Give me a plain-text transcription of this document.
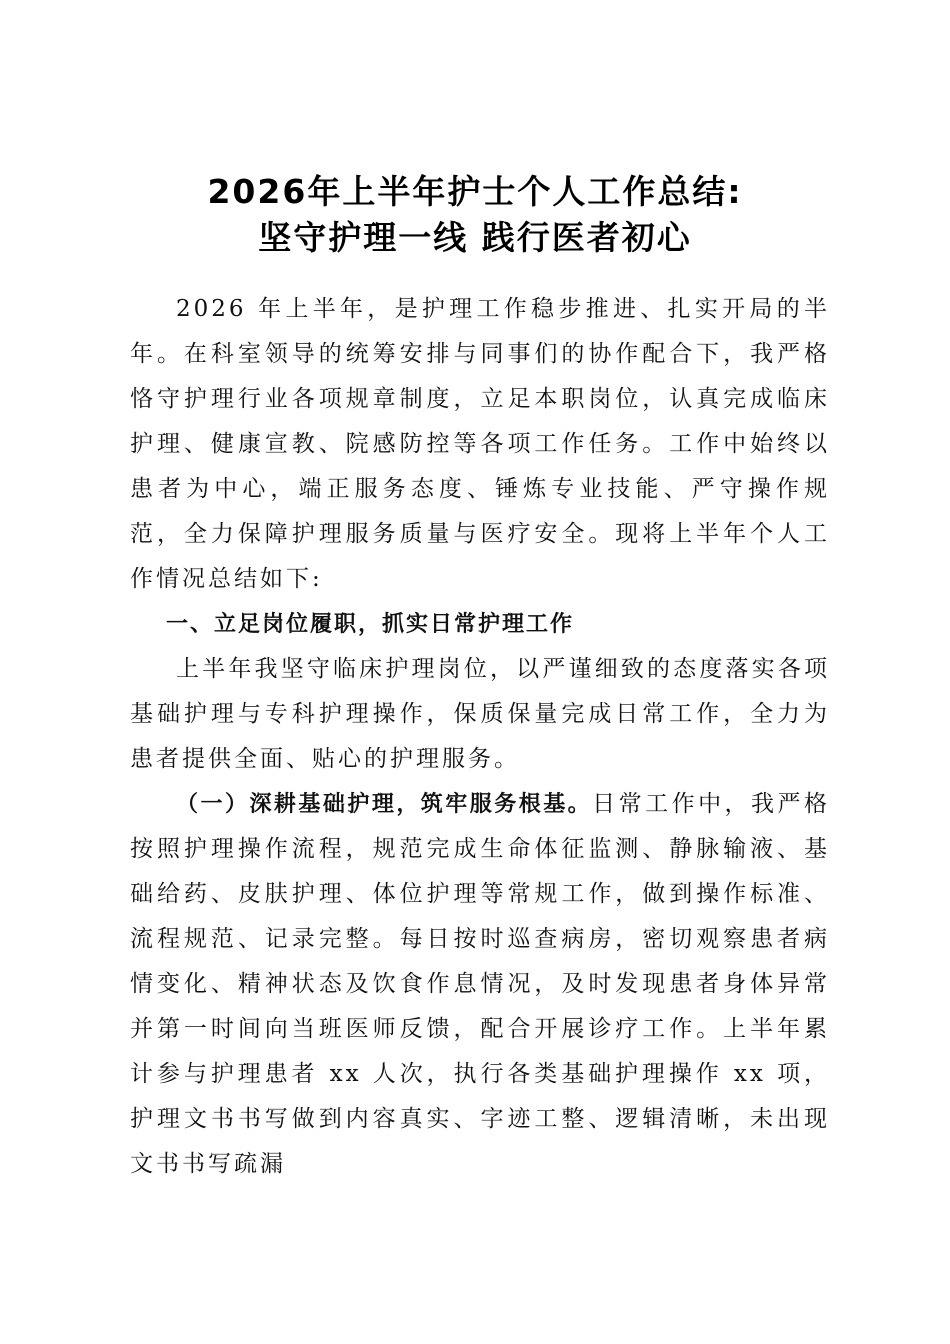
2026年上半年护士个人工作总结:
坚守护理一线 践行医者初心

2026 年上半年，是护理工作稳步推进、扎实开局的半年。在科室领导的统筹安排与同事们的协作配合下，我严格恪守护理行业各项规章制度，立足本职岗位，认真完成临床护理、健康宣教、院感防控等各项工作任务。工作中始终以患者为中心，端正服务态度、锤炼专业技能、严守操作规范，全力保障护理服务质量与医疗安全。现将上半年个人工作情况总结如下:

一、立足岗位履职，抓实日常护理工作

上半年我坚守临床护理岗位，以严谨细致的态度落实各项基础护理与专科护理操作，保质保量完成日常工作，全力为患者提供全面、贴心的护理服务。

（一）深耕基础护理，筑牢服务根基。日常工作中，我严格按照护理操作流程，规范完成生命体征监测、静脉输液、基础给药、皮肤护理、体位护理等常规工作，做到操作标准、流程规范、记录完整。每日按时巡查病房，密切观察患者病情变化、精神状态及饮食作息情况，及时发现患者身体异常并第一时间向当班医师反馈，配合开展诊疗工作。上半年累计参与护理患者 xx 人次，执行各类基础护理操作 xx 项，护理文书书写做到内容真实、字迹工整、逻辑清晰，未出现文书书写疏漏
